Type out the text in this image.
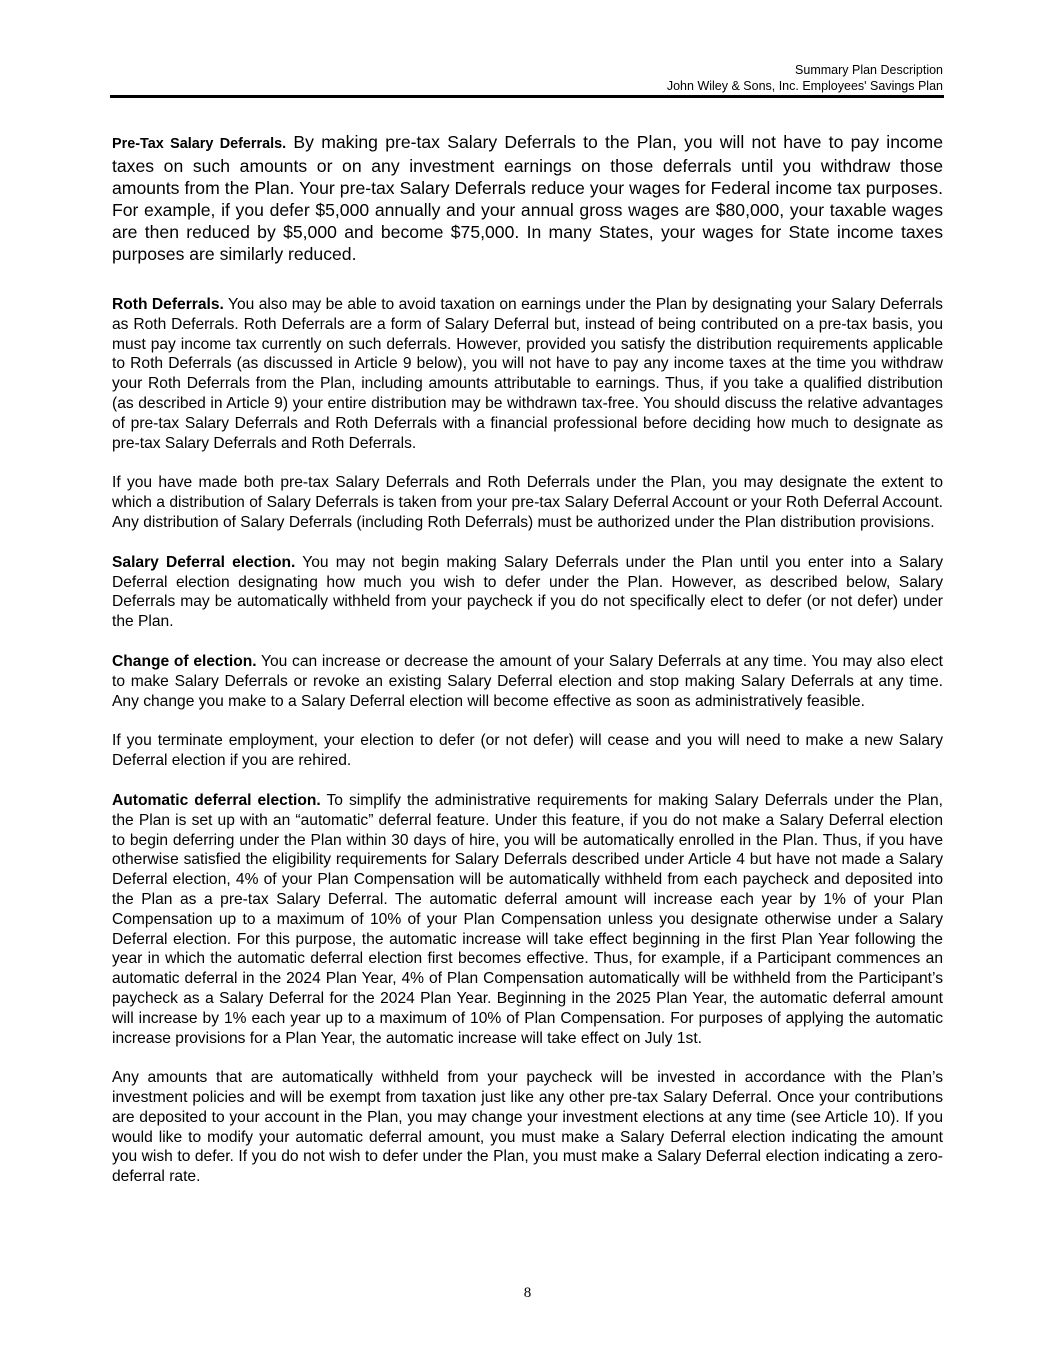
Summary Plan Description
John Wiley & Sons, Inc. Employees' Savings Plan

Pre-Tax Salary Deferrals. By making pre-tax Salary Deferrals to the Plan, you will not have to pay income taxes on such amounts or on any investment earnings on those deferrals until you withdraw those amounts from the Plan. Your pre-tax Salary Deferrals reduce your wages for Federal income tax purposes. For example, if you defer $5,000 annually and your annual gross wages are $80,000, your taxable wages are then reduced by $5,000 and become $75,000. In many States, your wages for State income taxes purposes are similarly reduced.

Roth Deferrals. You also may be able to avoid taxation on earnings under the Plan by designating your Salary Deferrals as Roth Deferrals. Roth Deferrals are a form of Salary Deferral but, instead of being contributed on a pre-tax basis, you must pay income tax currently on such deferrals. However, provided you satisfy the distribution requirements applicable to Roth Deferrals (as discussed in Article 9 below), you will not have to pay any income taxes at the time you withdraw your Roth Deferrals from the Plan, including amounts attributable to earnings. Thus, if you take a qualified distribution (as described in Article 9) your entire distribution may be withdrawn tax-free. You should discuss the relative advantages of pre-tax Salary Deferrals and Roth Deferrals with a financial professional before deciding how much to designate as pre-tax Salary Deferrals and Roth Deferrals.

If you have made both pre-tax Salary Deferrals and Roth Deferrals under the Plan, you may designate the extent to which a distribution of Salary Deferrals is taken from your pre-tax Salary Deferral Account or your Roth Deferral Account. Any distribution of Salary Deferrals (including Roth Deferrals) must be authorized under the Plan distribution provisions.

Salary Deferral election. You may not begin making Salary Deferrals under the Plan until you enter into a Salary Deferral election designating how much you wish to defer under the Plan. However, as described below, Salary Deferrals may be automatically withheld from your paycheck if you do not specifically elect to defer (or not defer) under the Plan.

Change of election. You can increase or decrease the amount of your Salary Deferrals at any time. You may also elect to make Salary Deferrals or revoke an existing Salary Deferral election and stop making Salary Deferrals at any time. Any change you make to a Salary Deferral election will become effective as soon as administratively feasible.

If you terminate employment, your election to defer (or not defer) will cease and you will need to make a new Salary Deferral election if you are rehired.

Automatic deferral election. To simplify the administrative requirements for making Salary Deferrals under the Plan, the Plan is set up with an “automatic” deferral feature. Under this feature, if you do not make a Salary Deferral election to begin deferring under the Plan within 30 days of hire, you will be automatically enrolled in the Plan. Thus, if you have otherwise satisfied the eligibility requirements for Salary Deferrals described under Article 4 but have not made a Salary Deferral election, 4% of your Plan Compensation will be automatically withheld from each paycheck and deposited into the Plan as a pre-tax Salary Deferral. The automatic deferral amount will increase each year by 1% of your Plan Compensation up to a maximum of 10% of your Plan Compensation unless you designate otherwise under a Salary Deferral election. For this purpose, the automatic increase will take effect beginning in the first Plan Year following the year in which the automatic deferral election first becomes effective. Thus, for example, if a Participant commences an automatic deferral in the 2024 Plan Year, 4% of Plan Compensation automatically will be withheld from the Participant’s paycheck as a Salary Deferral for the 2024 Plan Year. Beginning in the 2025 Plan Year, the automatic deferral amount will increase by 1% each year up to a maximum of 10% of Plan Compensation. For purposes of applying the automatic increase provisions for a Plan Year, the automatic increase will take effect on July 1st.

Any amounts that are automatically withheld from your paycheck will be invested in accordance with the Plan’s investment policies and will be exempt from taxation just like any other pre-tax Salary Deferral. Once your contributions are deposited to your account in the Plan, you may change your investment elections at any time (see Article 10). If you would like to modify your automatic deferral amount, you must make a Salary Deferral election indicating the amount you wish to defer. If you do not wish to defer under the Plan, you must make a Salary Deferral election indicating a zero-deferral rate.

8
